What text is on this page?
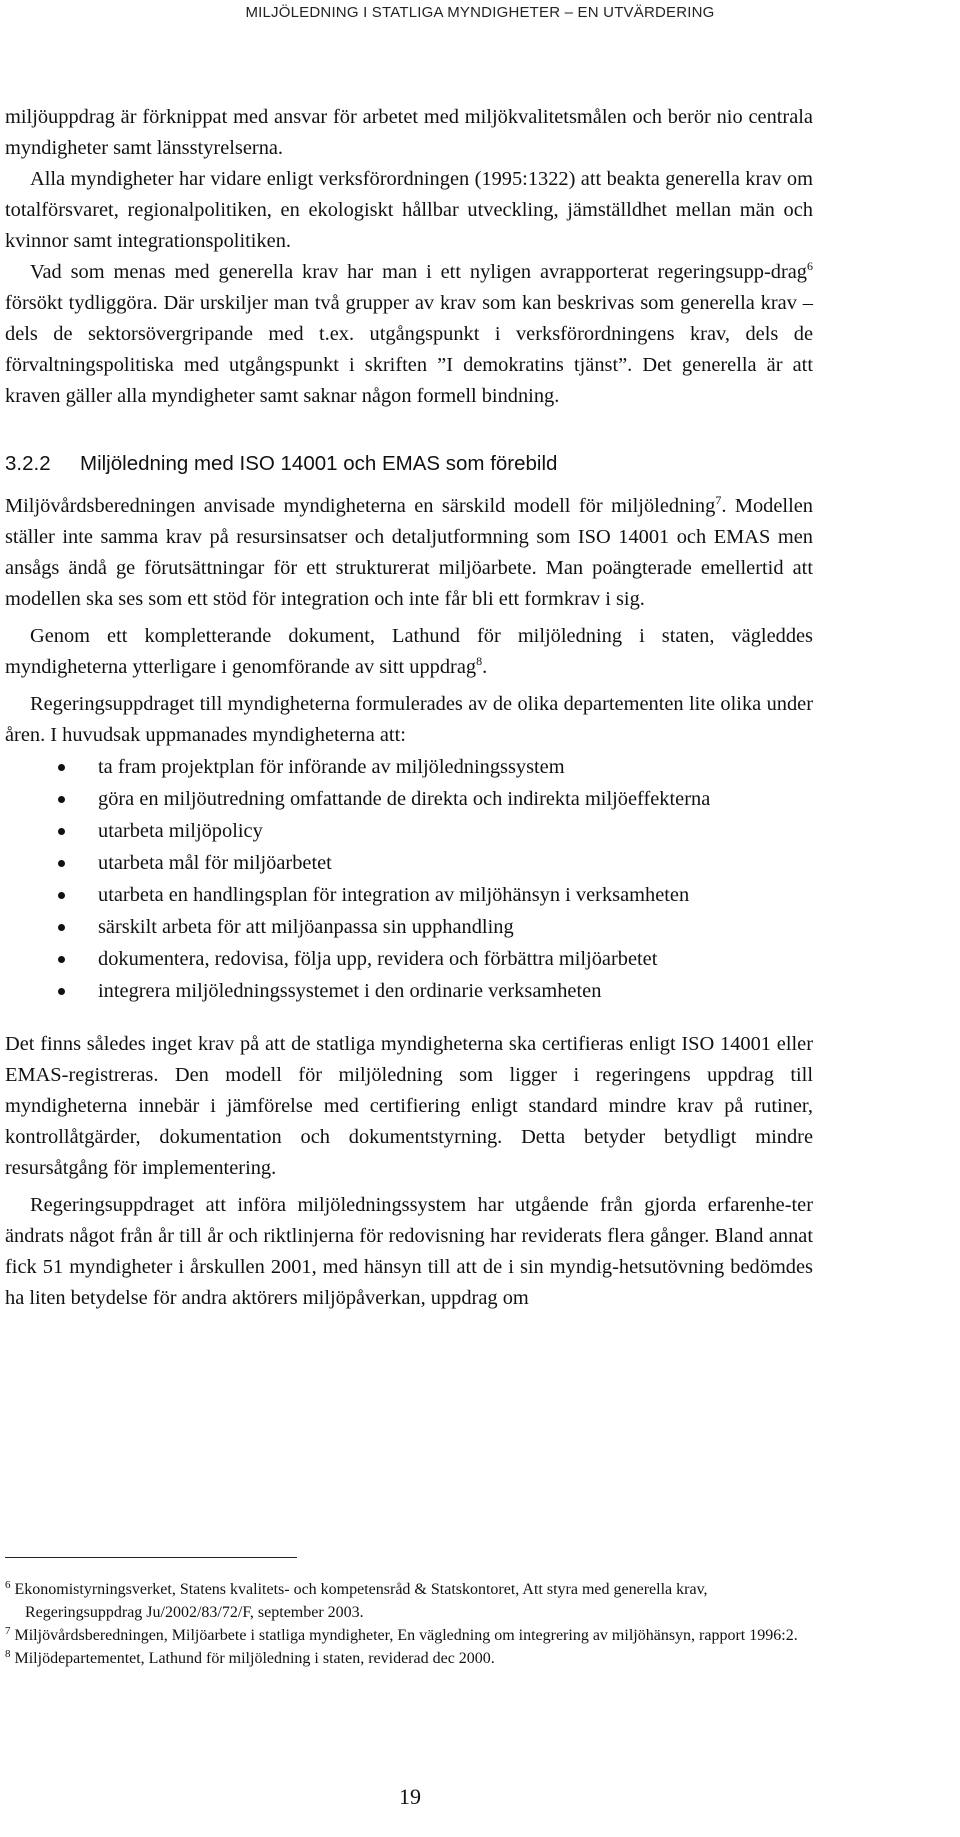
MILJÖLEDNING I STATLIGA MYNDIGHETER – EN UTVÄRDERING

miljöuppdrag är förknippat med ansvar för arbetet med miljökvalitetsmålen och berör nio centrala myndigheter samt länsstyrelserna.

Alla myndigheter har vidare enligt verksförordningen (1995:1322) att beakta generella krav om totalförsvaret, regionalpolitiken, en ekologiskt hållbar utveckling, jämställdhet mellan män och kvinnor samt integrationspolitiken.

Vad som menas med generella krav har man i ett nyligen avrapporterat regeringsupp-drag$^6$ försökt tydliggöra. Där urskiljer man två grupper av krav som kan beskrivas som generella krav – dels de sektorsövergripande med t.ex. utgångspunkt i verksförordningens krav, dels de förvaltningspolitiska med utgångspunkt i skriften ”I demokratins tjänst”. Det generella är att kraven gäller alla myndigheter samt saknar någon formell bindning.

3.2.2 Miljöledning med ISO 14001 och EMAS som förebild

Miljövårdsberedningen anvisade myndigheterna en särskild modell för miljöledning$^7$. Modellen ställer inte samma krav på resursinsatser och detaljutformning som ISO 14001 och EMAS men ansågs ändå ge förutsättningar för ett strukturerat miljöarbete. Man poängterade emellertid att modellen ska ses som ett stöd för integration och inte får bli ett formkrav i sig.

Genom ett kompletterande dokument, Lathund för miljöledning i staten, vägleddes myndigheterna ytterligare i genomförande av sitt uppdrag$^8$.

Regeringsuppdraget till myndigheterna formulerades av de olika departementen lite olika under åren. I huvudsak uppmanades myndigheterna att:

ta fram projektplan för införande av miljöledningssystem
göra en miljöutredning omfattande de direkta och indirekta miljöeffekterna
utarbeta miljöpolicy
utarbeta mål för miljöarbetet
utarbeta en handlingsplan för integration av miljöhänsyn i verksamheten
särskilt arbeta för att miljöanpassa sin upphandling
dokumentera, redovisa, följa upp, revidera och förbättra miljöarbetet
integrera miljöledningssystemet i den ordinarie verksamheten

Det finns således inget krav på att de statliga myndigheterna ska certifieras enligt ISO 14001 eller EMAS-registreras. Den modell för miljöledning som ligger i regeringens uppdrag till myndigheterna innebär i jämförelse med certifiering enligt standard mindre krav på rutiner, kontrollåtgärder, dokumentation och dokumentstyrning. Detta betyder betydligt mindre resursåtgång för implementering.

Regeringsuppdraget att införa miljöledningssystem har utgående från gjorda erfarenhe-ter ändrats något från år till år och riktlinjerna för redovisning har reviderats flera gånger. Bland annat fick 51 myndigheter i årskullen 2001, med hänsyn till att de i sin myndig-hetsutövning bedömdes ha liten betydelse för andra aktörers miljöpåverkan, uppdrag om

$^6$ Ekonomistyrningsverket, Statens kvalitets- och kompetensråd & Statskontoret, Att styra med generella krav, Regeringsuppdrag Ju/2002/83/72/F, september 2003.

$^7$ Miljövårdsberedningen, Miljöarbete i statliga myndigheter, En vägledning om integrering av miljöhänsyn, rapport 1996:2.

$^8$ Miljödepartementet, Lathund för miljöledning i staten, reviderad dec 2000.

19
